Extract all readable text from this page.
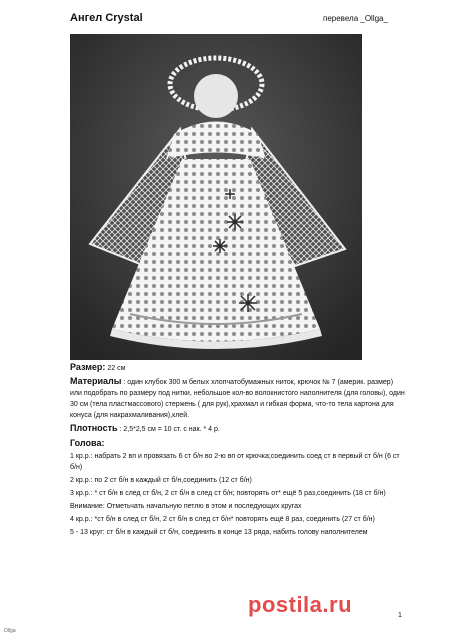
Ангел Crystal	перевела _Ollga_

Размер: 22 см

Материалы : один клубок 300 м белых хлопчатобумажных ниток, крючок № 7 (америк. размер) или подобрать по размеру под нитки, небольшое кол-во волокнистого наполнителя (для головы), один 30 см (тела пластмассового) стержень ( для рук),храхмал и гибкая форма, что-то тела картона для конуса (для накрахмаливания),клей.

Плотность : 2,5*2,5 см = 10 ст. с нак. * 4 р.

Голова:

1 кр.р.: набрать 2 вп и провязать 6 ст б/н во 2-ю вп от крючка;соединить соед ст в первый ст б/н (6 ст б/н)

2 кр.р.: по 2 ст б/н в каждый ст б/н,соединить (12 ст б/н)

3 кр.р.: * ст б/н в след ст б/н, 2 ст б/н в след ст б/н; повторять от* ещё 5 раз,соединить (18 ст б/н)

Внимание: Отметьчать начальную петлю в этом и последующих кругах

4 кр.р.: *ст б/н в след ст б/н, 2 ст б/н в след ст б/н* повторять ещё 8 раз, соединить (27 ст б/н)

5 - 13 круг: ст б/н в каждый ст б/н, соединить в конце 13 ряда, набить голову наполнителем

postila.ru	1
Ollga
